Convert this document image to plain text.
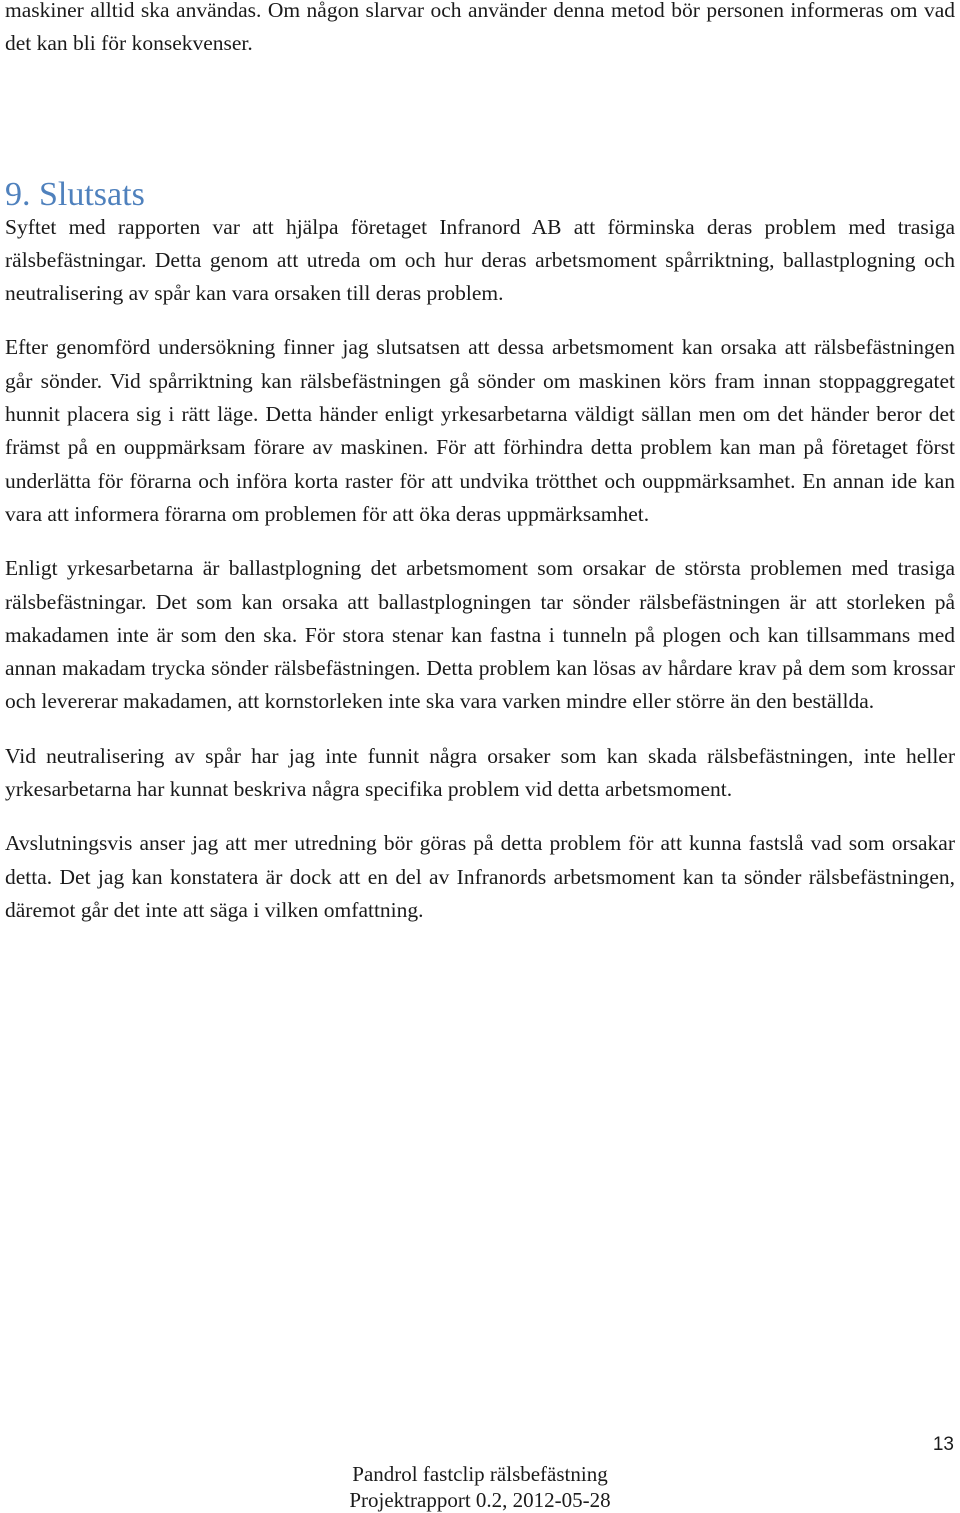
maskiner alltid ska användas. Om någon slarvar och använder denna metod bör personen informeras om vad det kan bli för konsekvenser.

9. Slutsats

Syftet med rapporten var att hjälpa företaget Infranord AB att förminska deras problem med trasiga rälsbefästningar. Detta genom att utreda om och hur deras arbetsmoment spårriktning, ballastplogning och neutralisering av spår kan vara orsaken till deras problem.

Efter genomförd undersökning finner jag slutsatsen att dessa arbetsmoment kan orsaka att rälsbefästningen går sönder. Vid spårriktning kan rälsbefästningen gå sönder om maskinen körs fram innan stoppaggregatet hunnit placera sig i rätt läge. Detta händer enligt yrkesarbetarna väldigt sällan men om det händer beror det främst på en ouppmärksam förare av maskinen. För att förhindra detta problem kan man på företaget först underlätta för förarna och införa korta raster för att undvika trötthet och ouppmärksamhet. En annan ide kan vara att informera förarna om problemen för att öka deras uppmärksamhet.

Enligt yrkesarbetarna är ballastplogning det arbetsmoment som orsakar de största problemen med trasiga rälsbefästningar. Det som kan orsaka att ballastplogningen tar sönder rälsbefästningen är att storleken på makadamen inte är som den ska. För stora stenar kan fastna i tunneln på plogen och kan tillsammans med annan makadam trycka sönder rälsbefästningen. Detta problem kan lösas av hårdare krav på dem som krossar och levererar makadamen, att kornstorleken inte ska vara varken mindre eller större än den beställda.

Vid neutralisering av spår har jag inte funnit några orsaker som kan skada rälsbefästningen, inte heller yrkesarbetarna har kunnat beskriva några specifika problem vid detta arbetsmoment.

Avslutningsvis anser jag att mer utredning bör göras på detta problem för att kunna fastslå vad som orsakar detta. Det jag kan konstatera är dock att en del av Infranords arbetsmoment kan ta sönder rälsbefästningen, däremot går det inte att säga i vilken omfattning.

13
Pandrol fastclip rälsbefästning
Projektrapport 0.2, 2012-05-28
